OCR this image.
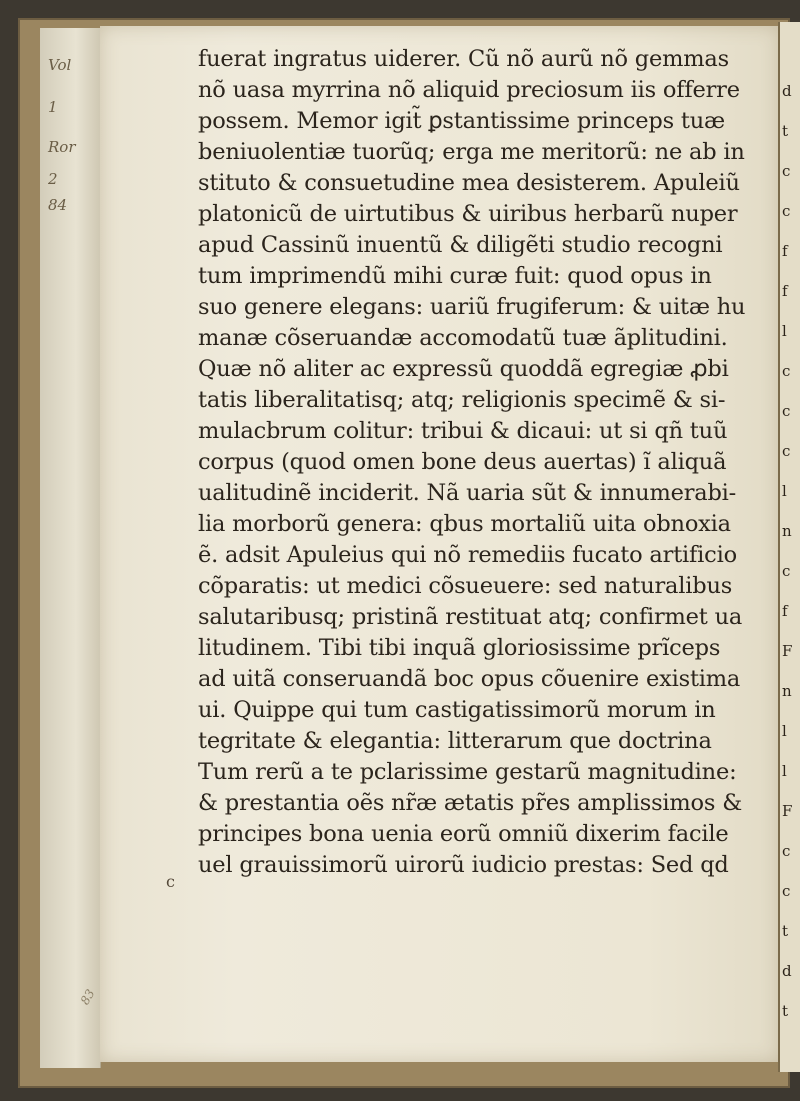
Vol
1
Ror
2
84
d
t
c
c
f
f
l
c
c
c
l
n
c
f
F
n
l
l
F
c
c
t
d
t
fuerat ingratus uiderer. Cũ nõ aurũ nõ gemmas
nõ uasa myrrina nõ aliquid preciosum iis offerre
possem. Memor igit̃ ꝑstantissime princeps tuæ
beniuolentiæ tuorũq; erga me meritorũ: ne ab in
stituto & consuetudine mea desisterem. Apuleiũ
platonicũ de uirtutibus & uiribus herbarũ nuper
apud Cassinũ inuentũ & diligẽti studio recogni
tum imprimendũ mihi curæ fuit: quod opus in
suo genere elegans: uariũ frugiferum: & uitæ hu
manæ cõseruandæ accomodatũ tuæ ãplitudini.
Quæ nõ aliter ac expressũ quoddã egregiæ ꝓbi
tatis liberalitatisq; atq; religionis specimẽ & si-
mulacbrum colitur: tribui & dicaui: ut si qñ tuũ
corpus (quod omen bone deus auertas) ĩ aliquã
ualitudinẽ inciderit. Nã uaria sũt & innumerabi-
lia morborũ genera: qbus mortaliũ uita obnoxia
ẽ. adsit Apuleius qui nõ remediis fucato artificio
cõparatis: ut medici cõsueuere: sed naturalibus
salutaribusq; pristinã restituat atq; confirmet ua
litudinem. Tibi tibi inquã gloriosissime prĩceps
ad uitã conseruandã boc opus cõuenire existima
ui. Quippe qui tum castigatissimorũ morum in
tegritate & elegantia: litterarum que doctrina
Tum rerũ a te pclarissime gestarũ magnitudine:
& prestantia oẽs nr̃æ ætatis pr̃es amplissimos &
principes bona uenia eorũ omniũ dixerim facile
uel grauissimorũ uirorũ iudicio prestas: Sed qd
c
83
